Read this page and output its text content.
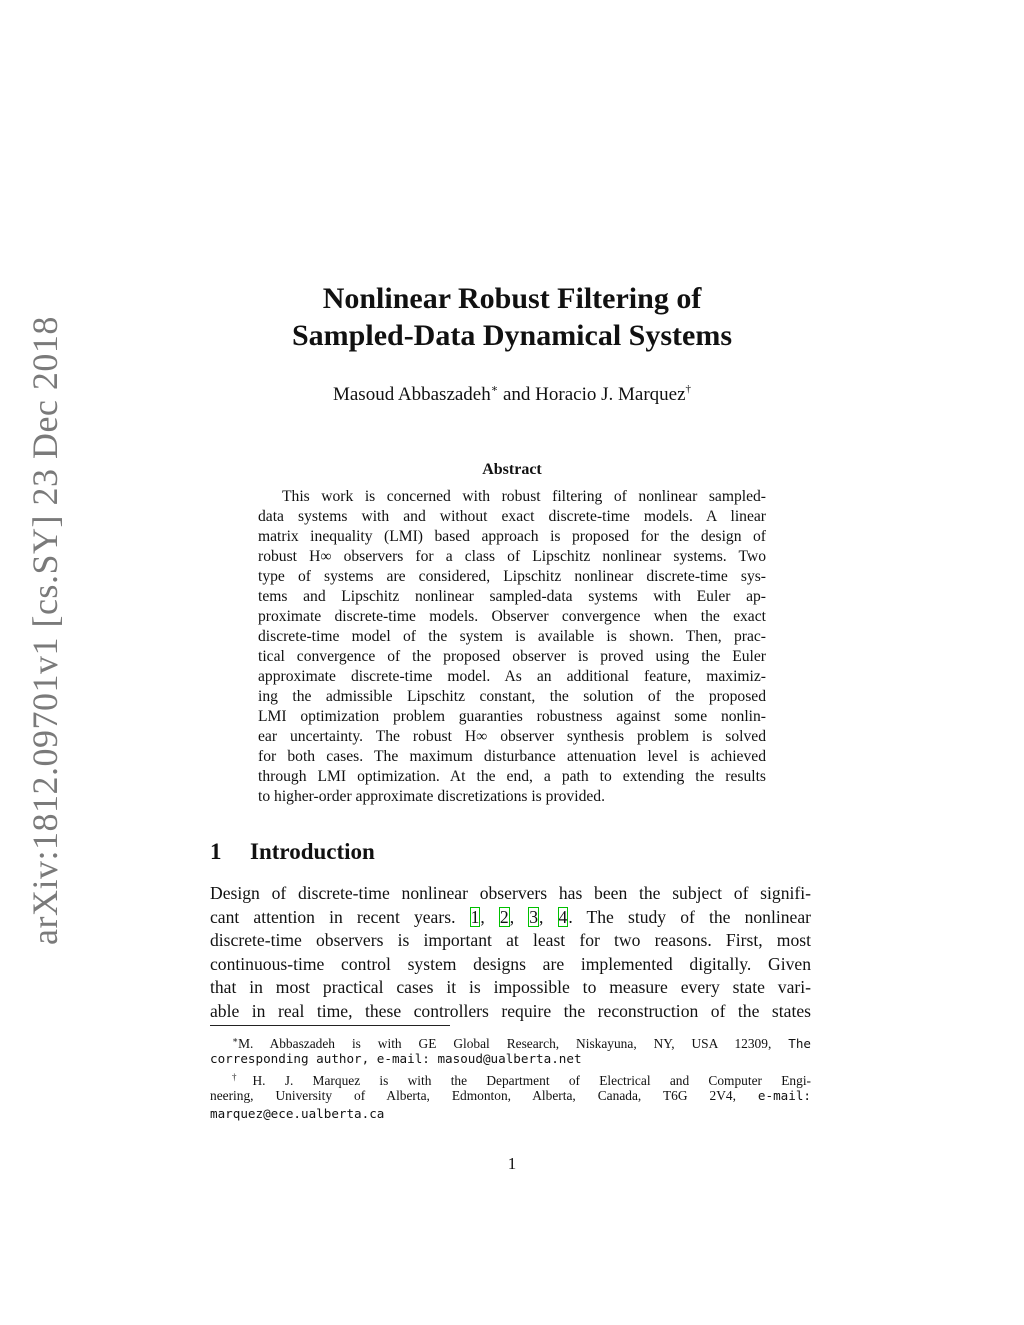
arXiv:1812.09701v1 [cs.SY] 23 Dec 2018
Nonlinear Robust Filtering of
Sampled-Data Dynamical Systems
Masoud Abbaszadeh∗ and Horacio J. Marquez†
Abstract
This work is concerned with robust filtering of nonlinear sampled-
data systems with and without exact discrete-time models. A linear
matrix inequality (LMI) based approach is proposed for the design of
robust H∞ observers for a class of Lipschitz nonlinear systems. Two
type of systems are considered, Lipschitz nonlinear discrete-time sys-
tems and Lipschitz nonlinear sampled-data systems with Euler ap-
proximate discrete-time models. Observer convergence when the exact
discrete-time model of the system is available is shown. Then, prac-
tical convergence of the proposed observer is proved using the Euler
approximate discrete-time model. As an additional feature, maximiz-
ing the admissible Lipschitz constant, the solution of the proposed
LMI optimization problem guaranties robustness against some nonlin-
ear uncertainty. The robust H∞ observer synthesis problem is solved
for both cases. The maximum disturbance attenuation level is achieved
through LMI optimization. At the end, a path to extending the results
to higher-order approximate discretizations is provided.
1 Introduction
Design of discrete-time nonlinear observers has been the subject of signifi-
cant attention in recent years. 1, 2, 3, 4. The study of the nonlinear
discrete-time observers is important at least for two reasons. First, most
continuous-time control system designs are implemented digitally. Given
that in most practical cases it is impossible to measure every state vari-
able in real time, these controllers require the reconstruction of the states
∗M. Abbaszadeh is with GE Global Research, Niskayuna, NY, USA 12309, The
corresponding author, e-mail: masoud@ualberta.net
†H. J. Marquez is with the Department of Electrical and Computer Engi-
neering, University of Alberta, Edmonton, Alberta, Canada, T6G 2V4, e-mail:
marquez@ece.ualberta.ca
1
